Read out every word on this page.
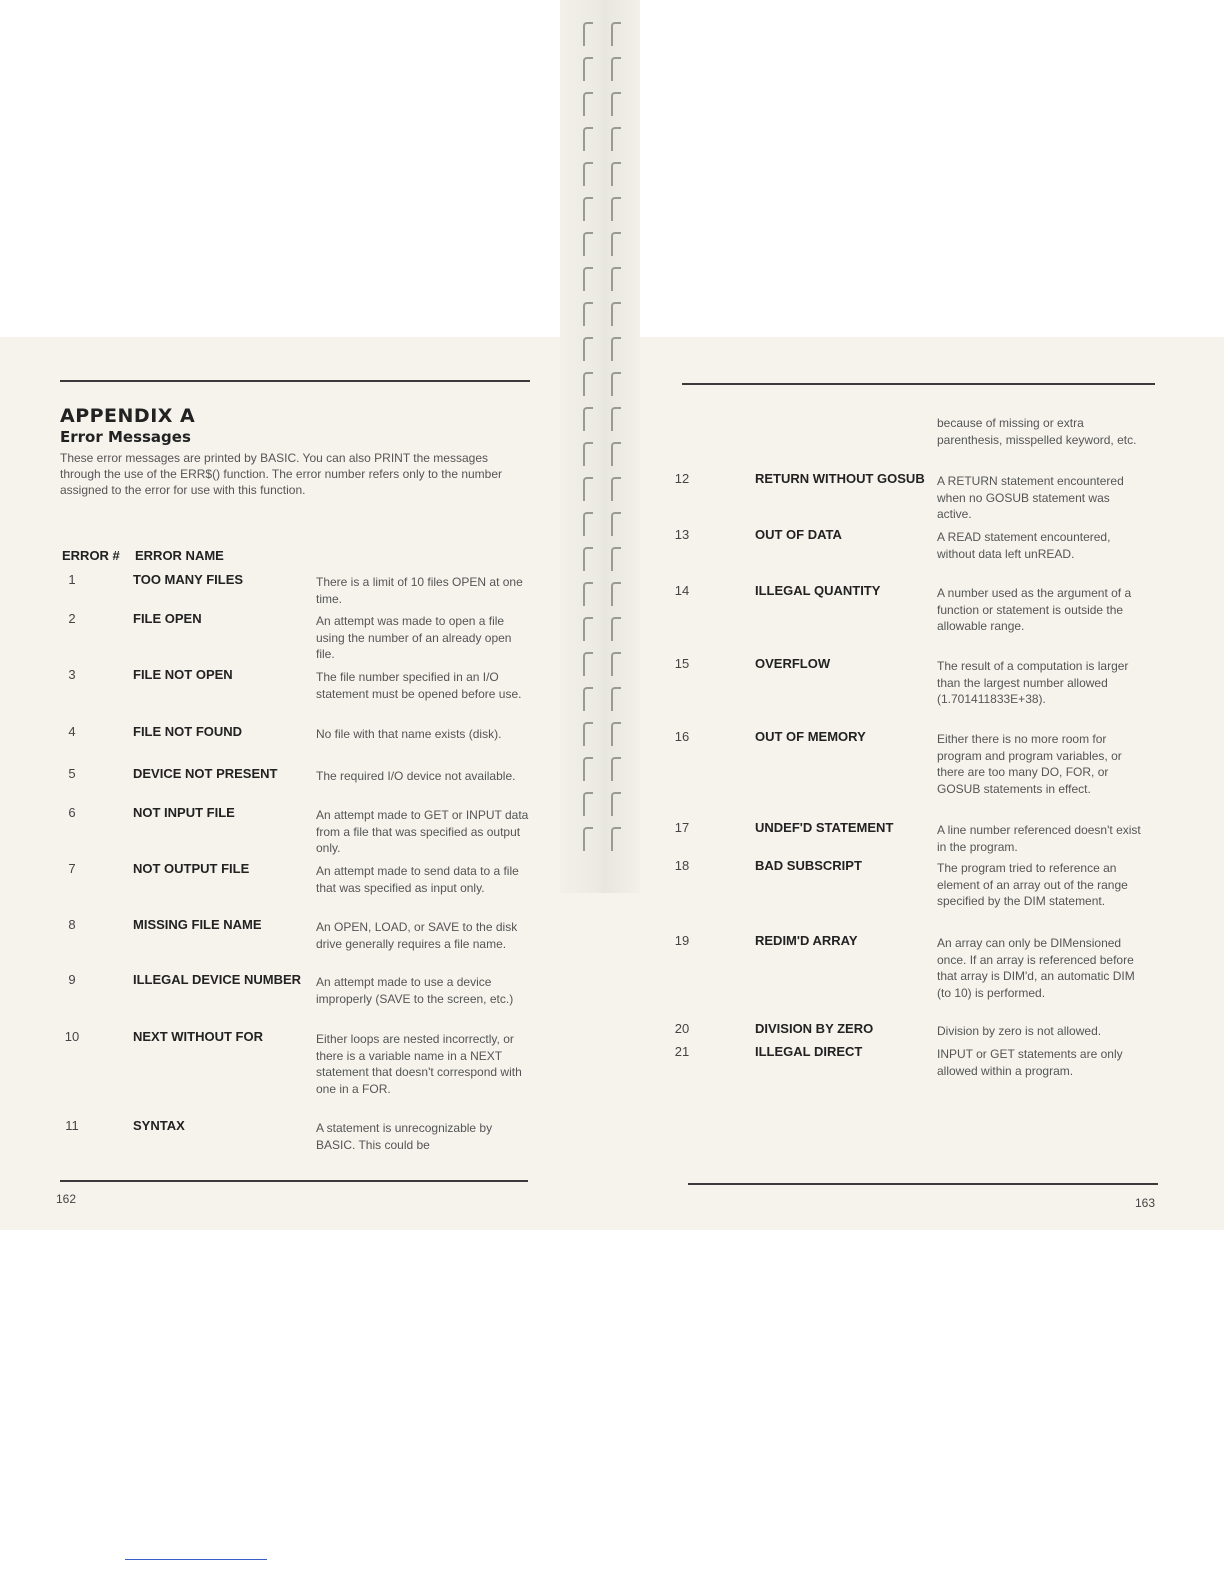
APPENDIX A
Error Messages

These error messages are printed by BASIC. You can also PRINT the messages through the use of the ERR$() function. The error number refers only to the number assigned to the error for use with this function.

ERROR # ERROR NAME
1	TOO MANY FILES	There is a limit of 10 files OPEN at one time.
2	FILE OPEN	An attempt was made to open a file using the number of an already open file.
3	FILE NOT OPEN	The file number specified in an I/O statement must be opened before use.
4	FILE NOT FOUND	No file with that name exists (disk).
5	DEVICE NOT PRESENT	The required I/O device not available.
6	NOT INPUT FILE	An attempt made to GET or INPUT data from a file that was specified as output only.
7	NOT OUTPUT FILE	An attempt made to send data to a file that was specified as input only.
8	MISSING FILE NAME	An OPEN, LOAD, or SAVE to the disk drive generally requires a file name.
9	ILLEGAL DEVICE NUMBER	An attempt made to use a device improperly (SAVE to the screen, etc.)
10	NEXT WITHOUT FOR	Either loops are nested incorrectly, or there is a variable name in a NEXT statement that doesn't correspond with one in a FOR.
11	SYNTAX	A statement is unrecognizable by BASIC. This could be
162
because of missing or extra parenthesis, misspelled keyword, etc.
12	RETURN WITHOUT GOSUB	A RETURN statement encountered when no GOSUB statement was active.
13	OUT OF DATA	A READ statement encountered, without data left unREAD.
14	ILLEGAL QUANTITY	A number used as the argument of a function or statement is outside the allowable range.
15	OVERFLOW	The result of a computation is larger than the largest number allowed (1.701411833E+38).
16	OUT OF MEMORY	Either there is no more room for program and program variables, or there are too many DO, FOR, or GOSUB statements in effect.
17	UNDEF'D STATEMENT	A line number referenced doesn't exist in the program.
18	BAD SUBSCRIPT	The program tried to reference an element of an array out of the range specified by the DIM statement.
19	REDIM'D ARRAY	An array can only be DIMensioned once. If an array is referenced before that array is DIM'd, an automatic DIM (to 10) is performed.
20	DIVISION BY ZERO	Division by zero is not allowed.
21	ILLEGAL DIRECT	INPUT or GET statements are only allowed within a program.
163
